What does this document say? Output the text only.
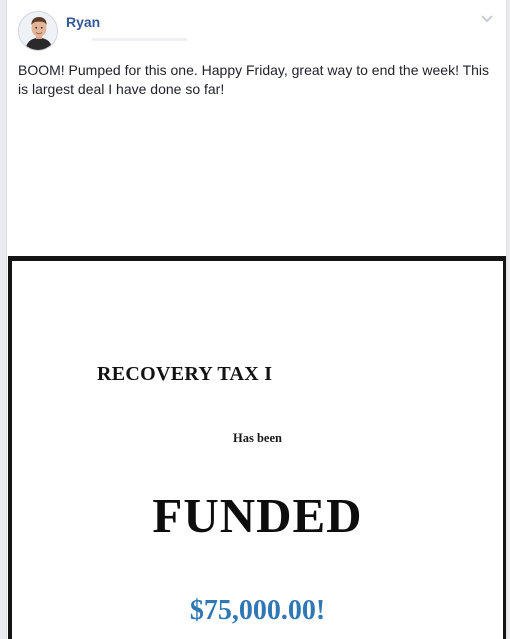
Ryan

BOOM! Pumped for this one. Happy Friday, great way to end the week! This is largest deal I have done so far!

RECOVERY TAX I
Has been
FUNDED
$75,000.00!
